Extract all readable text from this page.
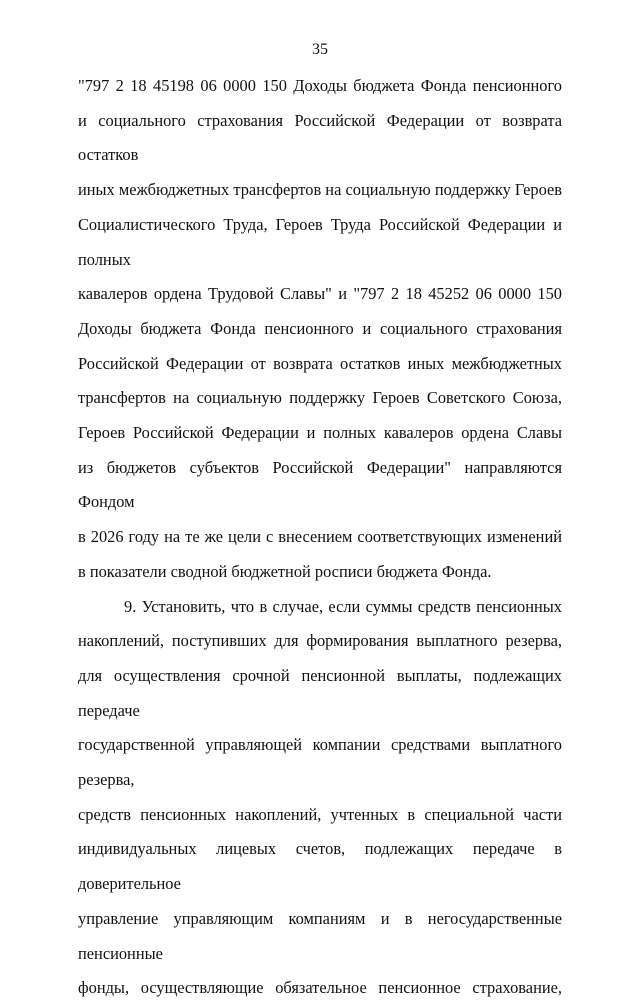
35

"797 2 18 45198 06 0000 150 Доходы бюджета Фонда пенсионного

и социального страхования Российской Федерации от возврата остатков

иных межбюджетных трансфертов на социальную поддержку Героев

Социалистического Труда, Героев Труда Российской Федерации и полных

кавалеров ордена Трудовой Славы" и "797 2 18 45252 06 0000 150

Доходы бюджета Фонда пенсионного и социального страхования

Российской Федерации от возврата остатков иных межбюджетных

трансфертов на социальную поддержку Героев Советского Союза,

Героев Российской Федерации и полных кавалеров ордена Славы

из бюджетов субъектов Российской Федерации" направляются Фондом

в 2026 году на те же цели с внесением соответствующих изменений

в показатели сводной бюджетной росписи бюджета Фонда.

9. Установить, что в случае, если суммы средств пенсионных

накоплений, поступивших для формирования выплатного резерва,

для осуществления срочной пенсионной выплаты, подлежащих передаче

государственной управляющей компании средствами выплатного резерва,

средств пенсионных накоплений, учтенных в специальной части

индивидуальных лицевых счетов, подлежащих передаче в доверительное

управление управляющим компаниям и в негосударственные пенсионные

фонды, осуществляющие обязательное пенсионное страхование,
